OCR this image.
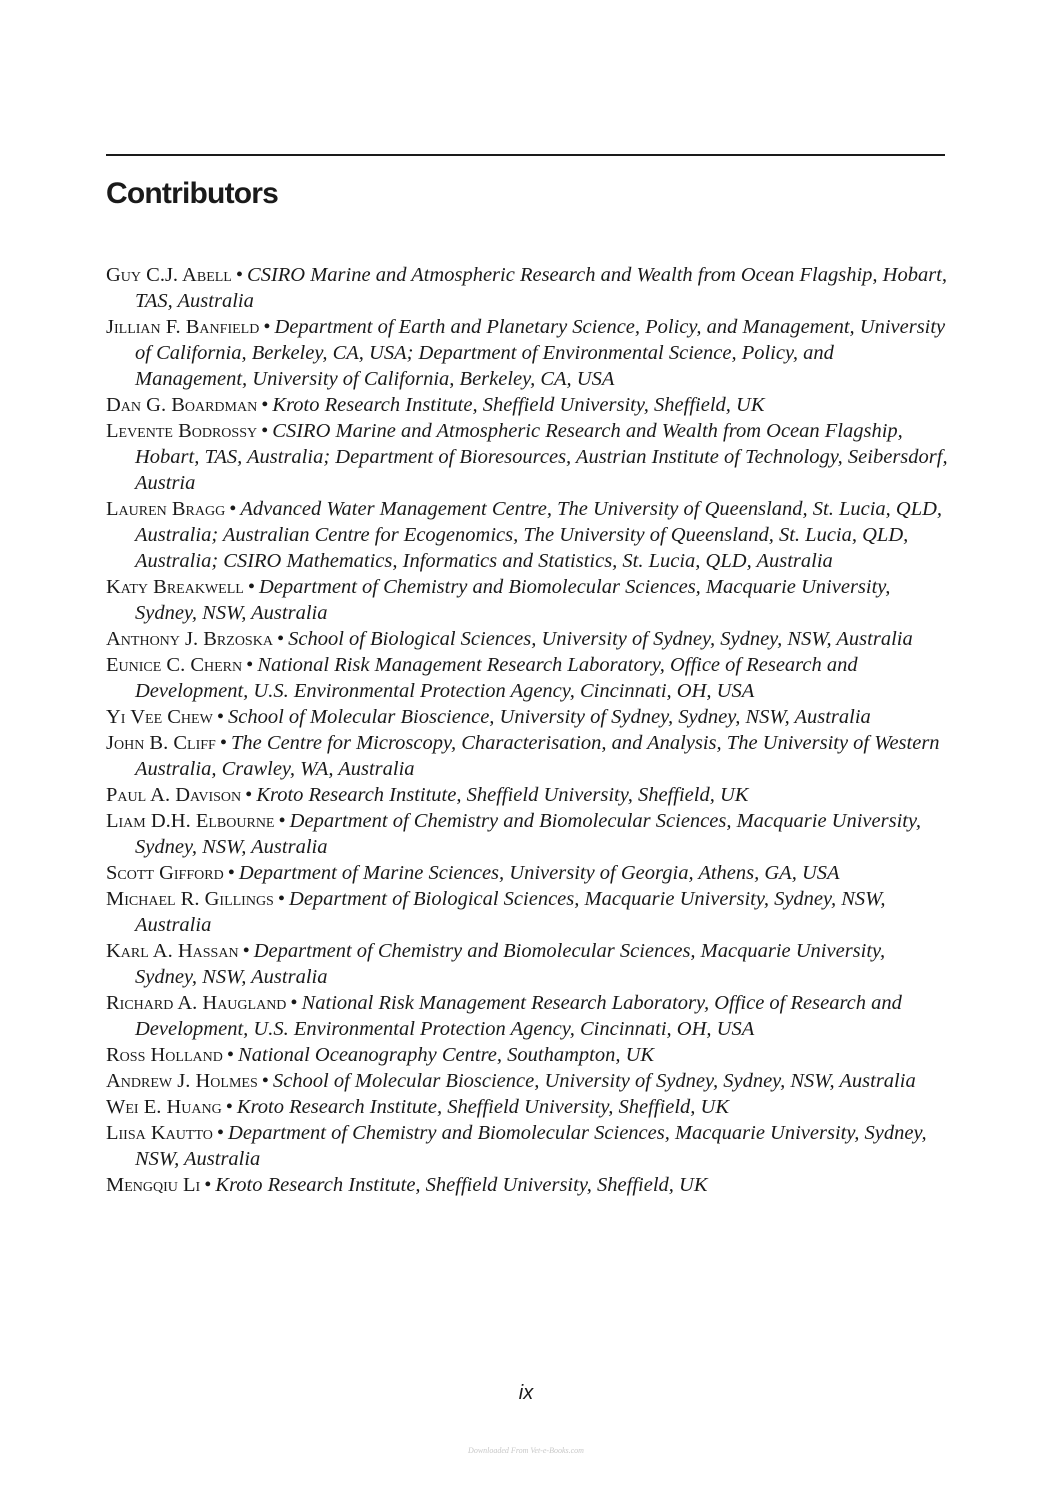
Contributors
Guy C.J. Abell • CSIRO Marine and Atmospheric Research and Wealth from Ocean Flagship, Hobart, TAS, Australia
Jillian F. Banfield • Department of Earth and Planetary Science, Policy, and Management, University of California, Berkeley, CA, USA; Department of Environmental Science, Policy, and Management, University of California, Berkeley, CA, USA
Dan G. Boardman • Kroto Research Institute, Sheffield University, Sheffield, UK
Levente Bodrossy • CSIRO Marine and Atmospheric Research and Wealth from Ocean Flagship, Hobart, TAS, Australia; Department of Bioresources, Austrian Institute of Technology, Seibersdorf, Austria
Lauren Bragg • Advanced Water Management Centre, The University of Queensland, St. Lucia, QLD, Australia; Australian Centre for Ecogenomics, The University of Queensland, St. Lucia, QLD, Australia; CSIRO Mathematics, Informatics and Statistics, St. Lucia, QLD, Australia
Katy Breakwell • Department of Chemistry and Biomolecular Sciences, Macquarie University, Sydney, NSW, Australia
Anthony J. Brzoska • School of Biological Sciences, University of Sydney, Sydney, NSW, Australia
Eunice C. Chern • National Risk Management Research Laboratory, Office of Research and Development, U.S. Environmental Protection Agency, Cincinnati, OH, USA
Yi Vee Chew • School of Molecular Bioscience, University of Sydney, Sydney, NSW, Australia
John B. Cliff • The Centre for Microscopy, Characterisation, and Analysis, The University of Western Australia, Crawley, WA, Australia
Paul A. Davison • Kroto Research Institute, Sheffield University, Sheffield, UK
Liam D.H. Elbourne • Department of Chemistry and Biomolecular Sciences, Macquarie University, Sydney, NSW, Australia
Scott Gifford • Department of Marine Sciences, University of Georgia, Athens, GA, USA
Michael R. Gillings • Department of Biological Sciences, Macquarie University, Sydney, NSW, Australia
Karl A. Hassan • Department of Chemistry and Biomolecular Sciences, Macquarie University, Sydney, NSW, Australia
Richard A. Haugland • National Risk Management Research Laboratory, Office of Research and Development, U.S. Environmental Protection Agency, Cincinnati, OH, USA
Ross Holland • National Oceanography Centre, Southampton, UK
Andrew J. Holmes • School of Molecular Bioscience, University of Sydney, Sydney, NSW, Australia
Wei E. Huang • Kroto Research Institute, Sheffield University, Sheffield, UK
Liisa Kautto • Department of Chemistry and Biomolecular Sciences, Macquarie University, Sydney, NSW, Australia
Mengqiu Li • Kroto Research Institute, Sheffield University, Sheffield, UK
ix
Downloaded From Vet-e-Books.com
